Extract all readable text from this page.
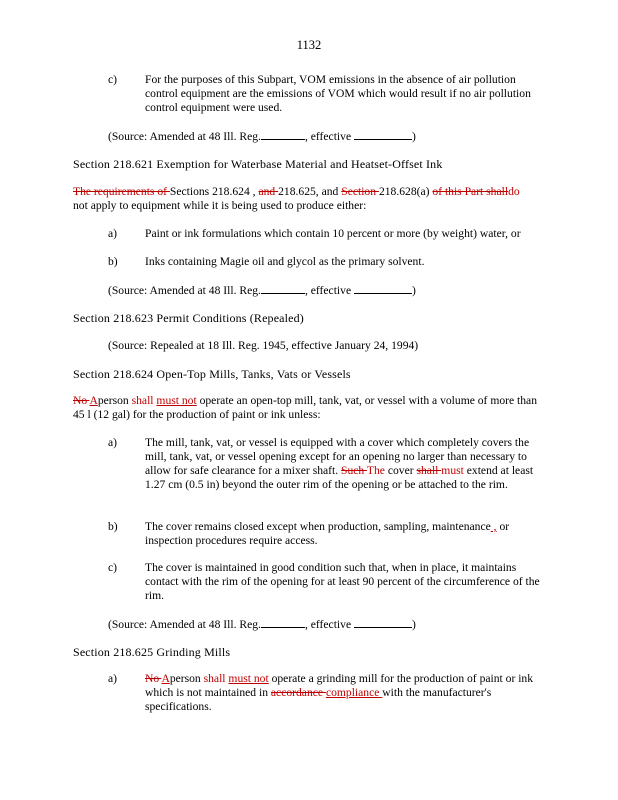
1132
c) For the purposes of this Subpart, VOM emissions in the absence of air pollution control equipment are the emissions of VOM which would result if no air pollution control equipment were used.
(Source: Amended at 48 Ill. Reg.	, effective	)
Section 218.621 Exemption for Waterbase Material and Heatset-Offset Ink
The requirements of Sections 218.624 , and 218.625, and Section 218.628(a) of this Part shalldo
not apply to equipment while it is being used to produce either:
a) Paint or ink formulations which contain 10 percent or more (by weight) water, or
b) Inks containing Magie oil and glycol as the primary solvent.
(Source: Amended at 48 Ill. Reg.	, effective	)
Section 218.623 Permit Conditions (Repealed)
(Source: Repealed at 18 Ill. Reg. 1945, effective January 24, 1994)
Section 218.624 Open-Top Mills, Tanks, Vats or Vessels
No Aperson shall must not operate an open-top mill, tank, vat, or vessel with a volume of more than 45 l (12 gal) for the production of paint or ink unless:
a) The mill, tank, vat, or vessel is equipped with a cover which completely covers the mill, tank, vat, or vessel opening except for an opening no larger than necessary to allow for safe clearance for a mixer shaft. Such The cover shall must extend at least 1.27 cm (0.5 in) beyond the outer rim of the opening or be attached to the rim.
b) The cover remains closed except when production, sampling, maintenance , or inspection procedures require access.
c) The cover is maintained in good condition such that, when in place, it maintains contact with the rim of the opening for at least 90 percent of the circumference of the rim.
(Source: Amended at 48 Ill. Reg.	, effective	)
Section 218.625 Grinding Mills
a) No Aperson shall must not operate a grinding mill for the production of paint or ink which is not maintained in accordance compliance with the manufacturer's specifications.
